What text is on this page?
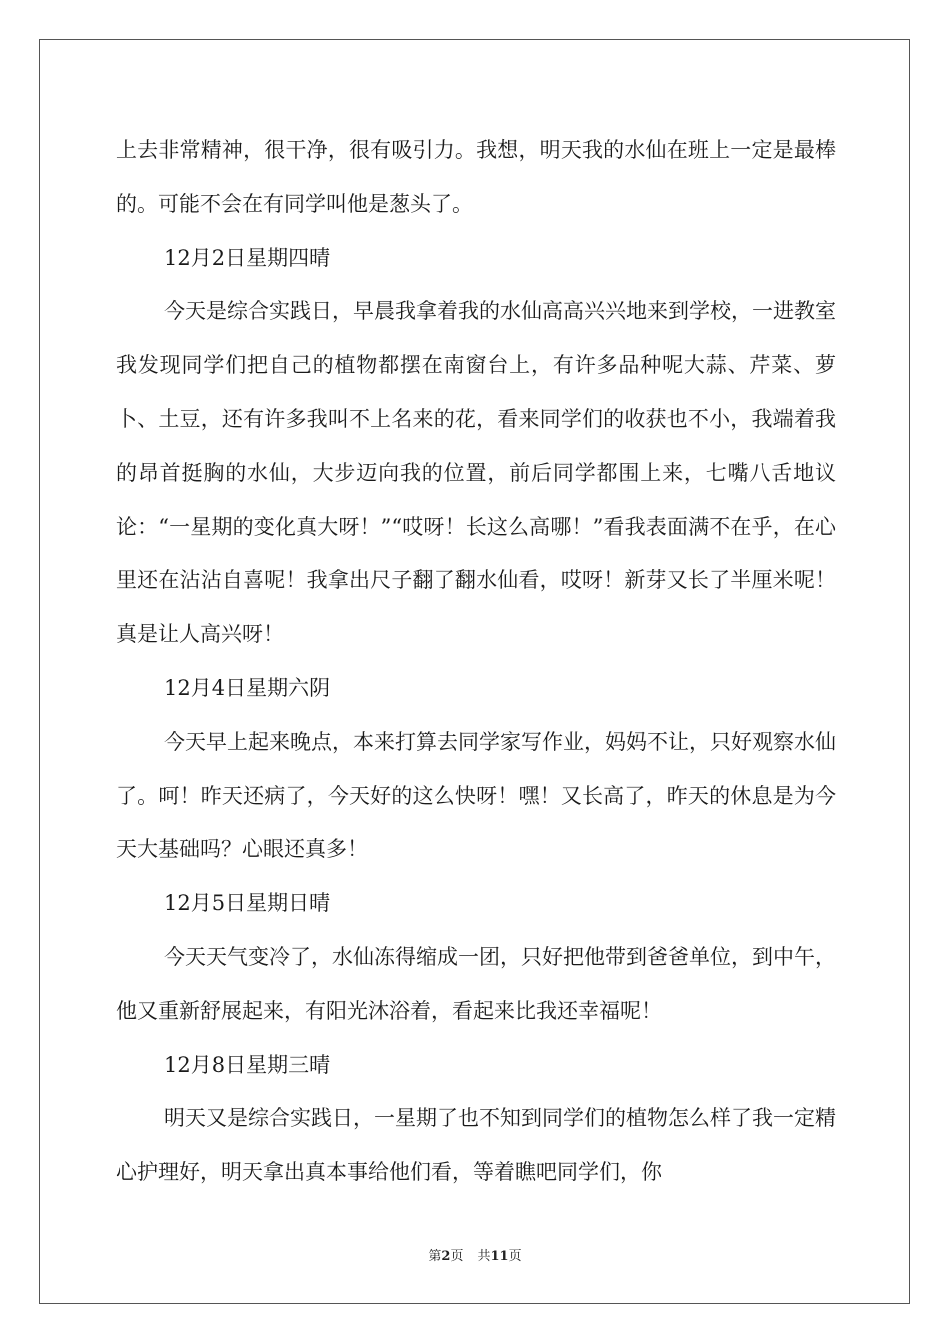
上去非常精神，很干净，很有吸引力。我想，明天我的水仙在班上一定是最棒的。可能不会在有同学叫他是葱头了。

12月2日星期四晴

今天是综合实践日，早晨我拿着我的水仙高高兴兴地来到学校，一进教室我发现同学们把自己的植物都摆在南窗台上，有许多品种呢大蒜、芹菜、萝卜、土豆，还有许多我叫不上名来的花，看来同学们的收获也不小，我端着我的昂首挺胸的水仙，大步迈向我的位置，前后同学都围上来，七嘴八舌地议论：“一星期的变化真大呀！”“哎呀！长这么高哪！”看我表面满不在乎，在心里还在沾沾自喜呢！我拿出尺子翻了翻水仙看，哎呀！新芽又长了半厘米呢！真是让人高兴呀！

12月4日星期六阴

今天早上起来晚点，本来打算去同学家写作业，妈妈不让，只好观察水仙了。呵！昨天还病了，今天好的这么快呀！嘿！又长高了，昨天的休息是为今天大基础吗？心眼还真多！

12月5日星期日晴

今天天气变冷了，水仙冻得缩成一团，只好把他带到爸爸单位，到中午，他又重新舒展起来，有阳光沐浴着，看起来比我还幸福呢！

12月8日星期三晴

明天又是综合实践日，一星期了也不知到同学们的植物怎么样了我一定精心护理好，明天拿出真本事给他们看，等着瞧吧同学们，你

第2页 共11页
